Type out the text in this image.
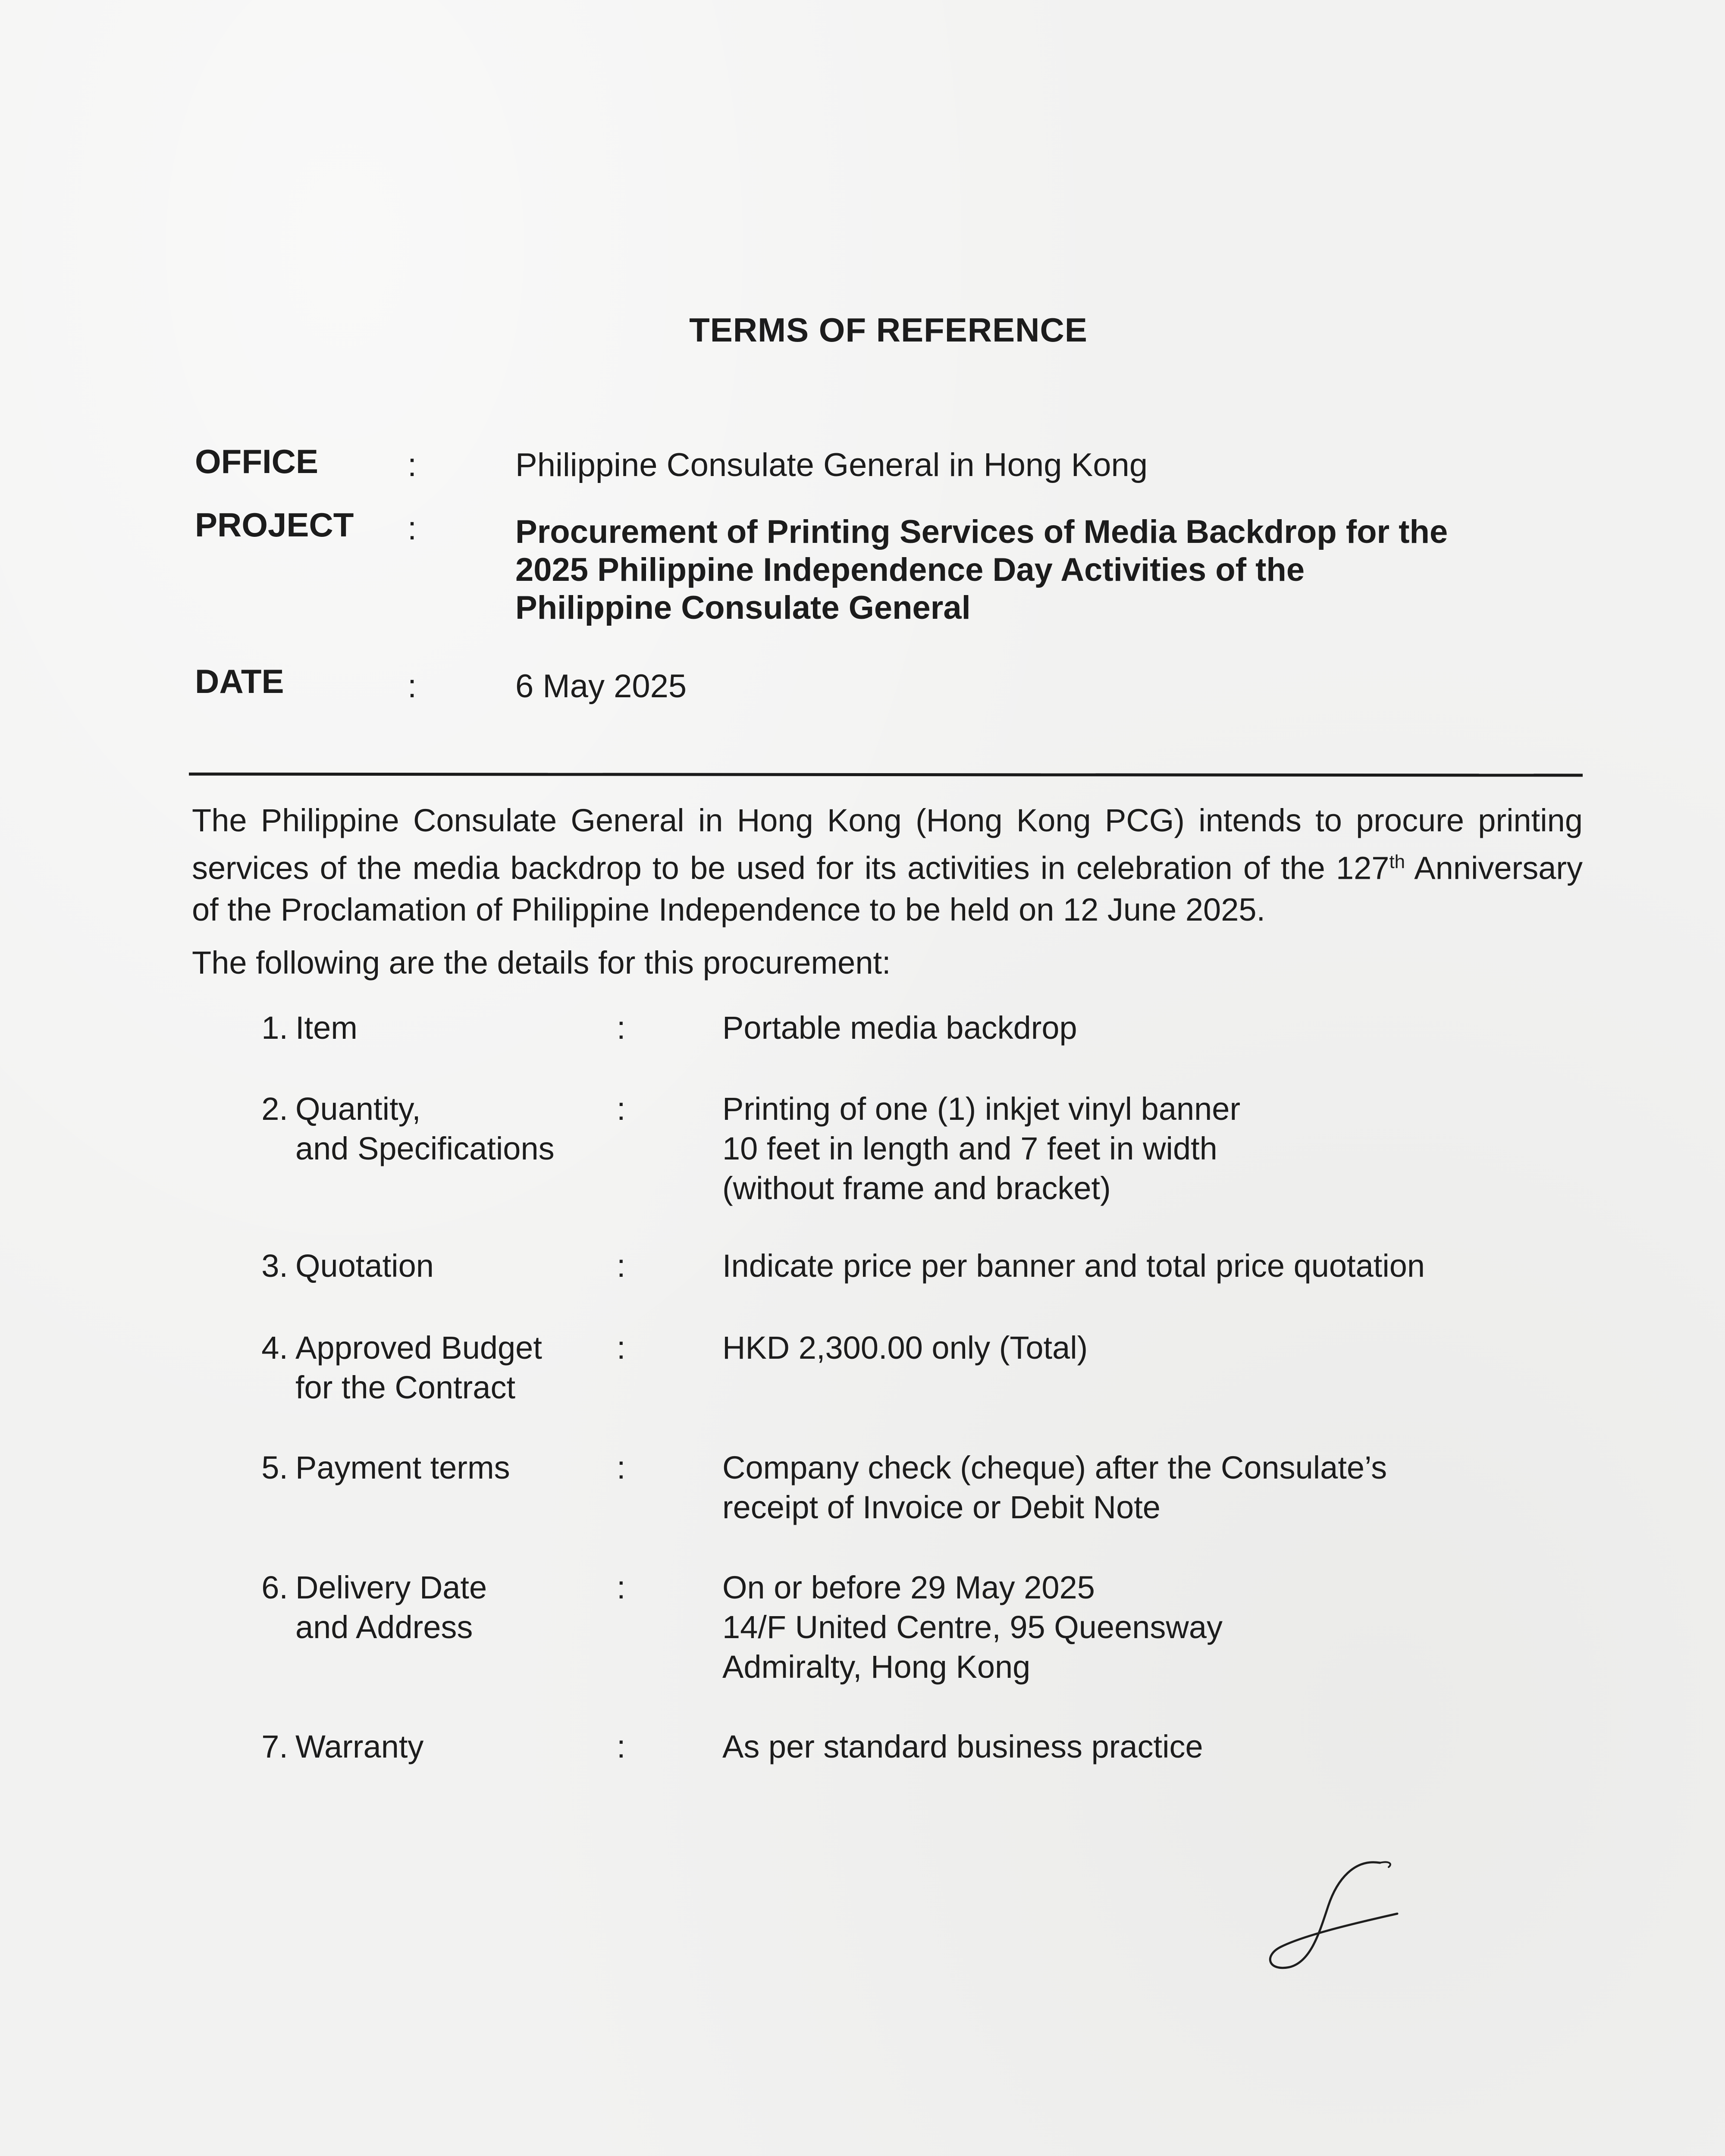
TERMS OF REFERENCE
OFFICE	:	Philippine Consulate General in Hong Kong
PROJECT :	Procurement of Printing Services of Media Backdrop for the
2025 Philippine Independence Day Activities of the
Philippine Consulate General
DATE	:	6 May 2025
The Philippine Consulate General in Hong Kong (Hong Kong PCG) intends to procure printing services of the media backdrop to be used for its activities in celebration of the 127th Anniversary of the Proclamation of Philippine Independence to be held on 12 June 2025.
The following are the details for this procurement:
1. Item	:	Portable media backdrop
2. Quantity,
and Specifications
:	Printing of one (1) inkjet vinyl banner
10 feet in length and 7 feet in width
(without frame and bracket)
3. Quotation	:	Indicate price per banner and total price quotation
4. Approved Budget
for the Contract
:	HKD 2,300.00 only (Total)
5. Payment terms	:	Company check (cheque) after the Consulate’s
receipt of Invoice or Debit Note
6. Delivery Date
and Address
:	On or before 29 May 2025
14/F United Centre, 95 Queensway
Admiralty, Hong Kong
7. Warranty	:	As per standard business practice
